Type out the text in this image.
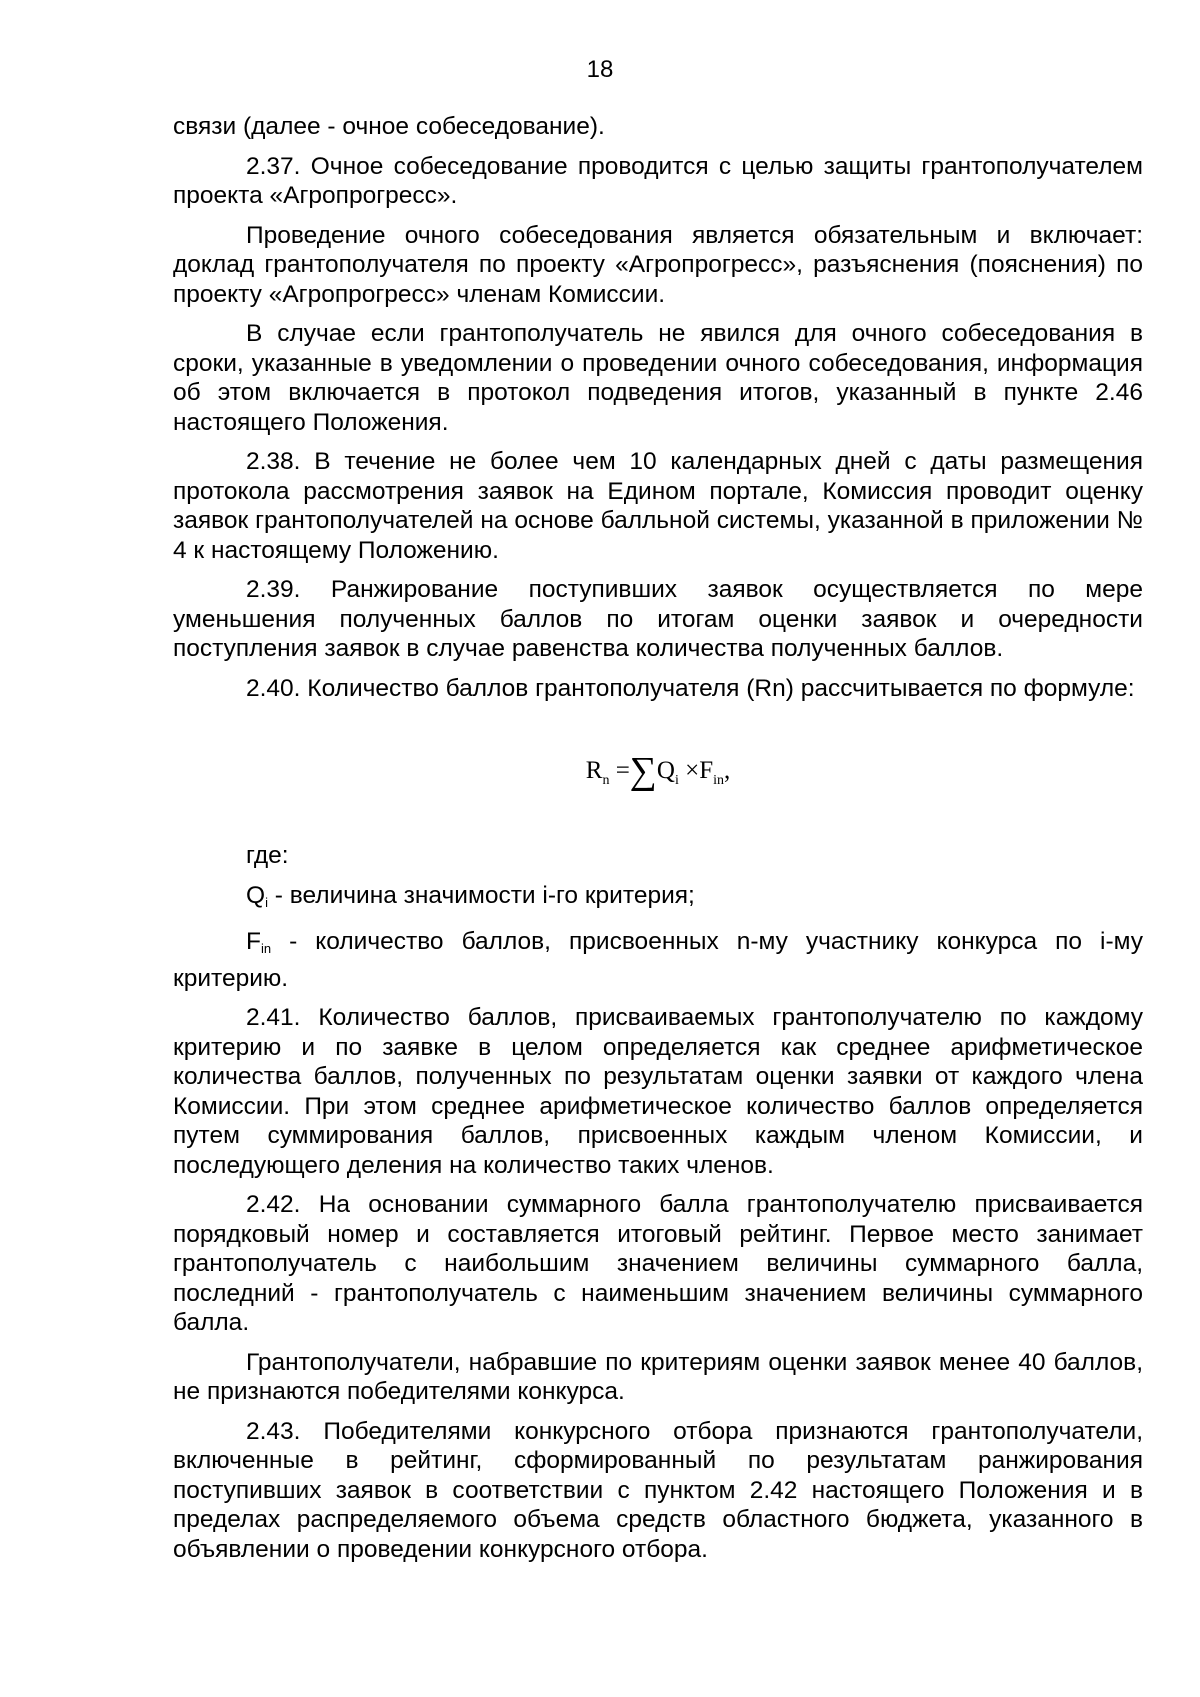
18

связи (далее - очное собеседование).

2.37. Очное собеседование проводится с целью защиты грантополучателем проекта «Агропрогресс».

Проведение очного собеседования является обязательным и включает: доклад грантополучателя по проекту «Агропрогресс», разъяснения (пояснения) по проекту «Агропрогресс» членам Комиссии.

В случае если грантополучатель не явился для очного собеседования в сроки, указанные в уведомлении о проведении очного собеседования, информация об этом включается в протокол подведения итогов, указанный в пункте 2.46 настоящего Положения.

2.38. В течение не более чем 10 календарных дней с даты размещения протокола рассмотрения заявок на Едином портале, Комиссия проводит оценку заявок грантополучателей на основе балльной системы, указанной в приложении № 4 к настоящему Положению.

2.39. Ранжирование поступивших заявок осуществляется по мере уменьшения полученных баллов по итогам оценки заявок и очередности поступления заявок в случае равенства количества полученных баллов.

2.40. Количество баллов грантополучателя (Rn) рассчитывается по формуле:

$R_n =\sum Q_i \times F_{in}$,

где:

Qi - величина значимости i-го критерия;

Fin - количество баллов, присвоенных n-му участнику конкурса по i-му критерию.

2.41. Количество баллов, присваиваемых грантополучателю по каждому критерию и по заявке в целом определяется как среднее арифметическое количества баллов, полученных по результатам оценки заявки от каждого члена Комиссии. При этом среднее арифметическое количество баллов определяется путем суммирования баллов, присвоенных каждым членом Комиссии, и последующего деления на количество таких членов.

2.42. На основании суммарного балла грантополучателю присваивается порядковый номер и составляется итоговый рейтинг. Первое место занимает грантополучатель с наибольшим значением величины суммарного балла, последний - грантополучатель с наименьшим значением величины суммарного балла.

Грантополучатели, набравшие по критериям оценки заявок менее 40 баллов, не признаются победителями конкурса.

2.43. Победителями конкурсного отбора признаются грантополучатели, включенные в рейтинг, сформированный по результатам ранжирования поступивших заявок в соответствии с пунктом 2.42 настоящего Положения и в пределах распределяемого объема средств областного бюджета, указанного в объявлении о проведении конкурсного отбора.
